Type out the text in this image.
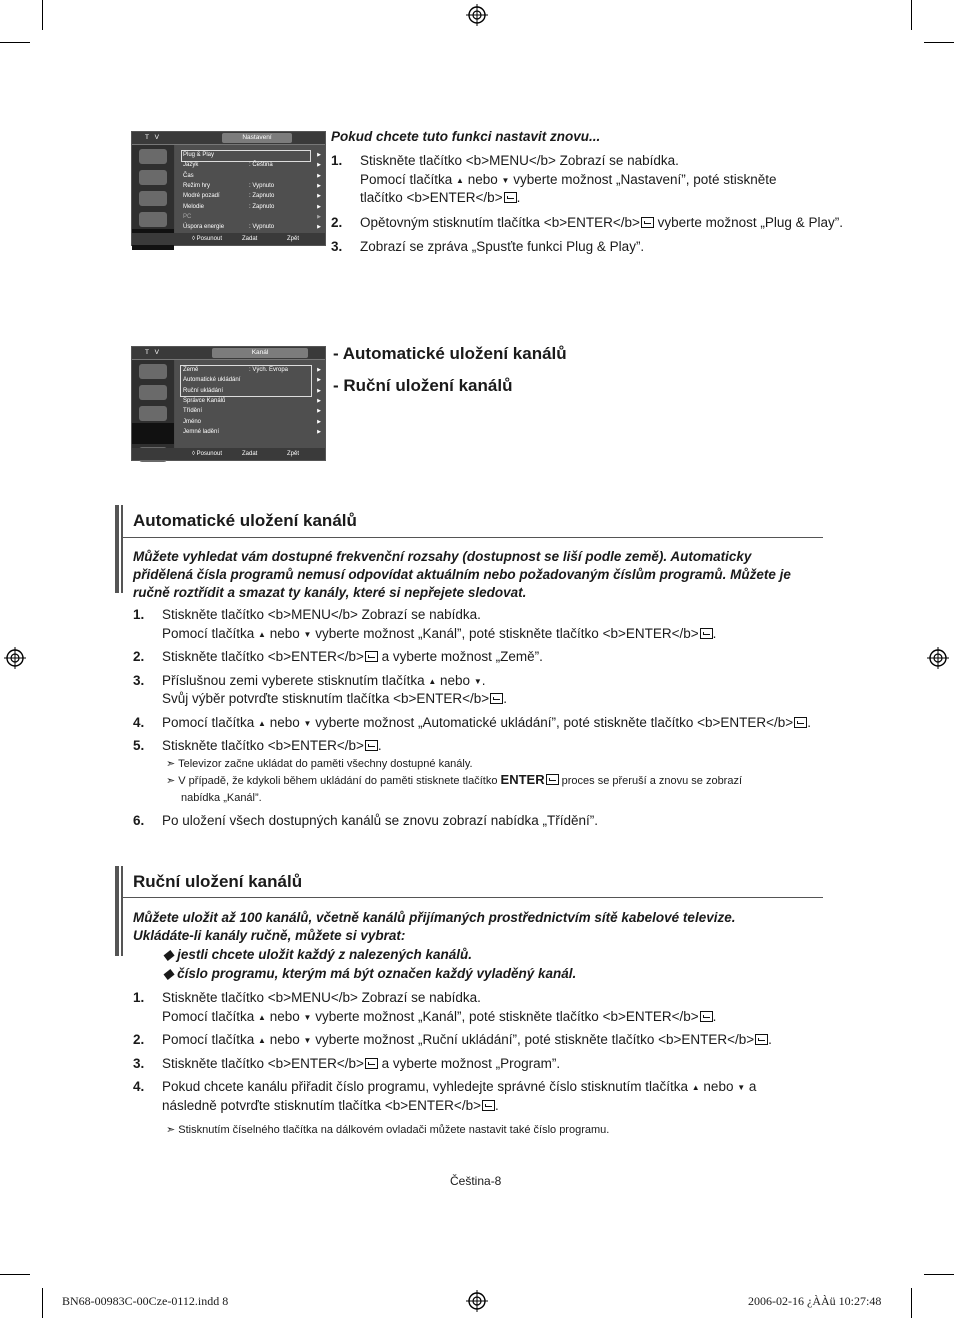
T V	Nastavení
Plug & Play	▶
Jazyk	: Čeština	▶
Čas	▶
Režim hry	: Vypnuto	▶
Modré pozadí	: Zapnuto	▶
Melodie	: Zapnuto	▶
PC	▶
Úspora energie	: Vypnuto	▶
◊ Posunout	Zadat	Zpět
T V	Kanál
Země	: Vých. Evropa	▶
Automatické ukládání	▶
Ruční ukládání	▶
Správce Kanálů	▶
Třídění	▶
Jméno	▶
Jemné ladění	▶
◊ Posunout	Zadat	Zpět
Pokud chcete tuto funkci nastavit znovu...
1. Stiskněte tlačítko <b>MENU</b> Zobrazí se nabídka.
Pomocí tlačítka ▲ nebo ▼ vyberte možnost „Nastavení”, poté stiskněte
tlačítko <b>ENTER</b> .
2. Opětovným stisknutím tlačítka <b>ENTER</b> vyberte možnost „Plug & Play”.
3. Zobrazí se zpráva „Spusťte funkci Plug & Play”.
- Automatické uložení kanálů
- Ruční uložení kanálů
Automatické uložení kanálů
Můžete vyhledat vám dostupné frekvenční rozsahy (dostupnost se liší podle země). Automaticky
přidělená čísla programů nemusí odpovídat aktuálním nebo požadovaným číslům programů. Můžete je
ručně roztřídit a smazat ty kanály, které si nepřejete sledovat.
1. Stiskněte tlačítko <b>MENU</b> Zobrazí se nabídka.
Pomocí tlačítka ▲ nebo ▼ vyberte možnost „Kanál”, poté stiskněte tlačítko <b>ENTER</b> .
2. Stiskněte tlačítko <b>ENTER</b> a vyberte možnost „Země”.
3. Příslušnou zemi vyberete stisknutím tlačítka ▲ nebo ▼.
Svůj výběr potvrďte stisknutím tlačítka <b>ENTER</b> .
4. Pomocí tlačítka ▲ nebo ▼ vyberte možnost „Automatické ukládání”, poté stiskněte tlačítko <b>ENTER</b> .
5. Stiskněte tlačítko <b>ENTER</b> .
➣ Televizor začne ukládat do paměti všechny dostupné kanály.
➣ V případě, že kdykoli během ukládání do paměti stisknete tlačítko ENTER proces se přeruší a znovu se zobrazí
nabídka „Kanál”.
6. Po uložení všech dostupných kanálů se znovu zobrazí nabídka „Třídění”.
Ruční uložení kanálů
Můžete uložit až 100 kanálů, včetně kanálů přijímaných prostřednictvím sítě kabelové televize.
Ukládáte-li kanály ručně, můžete si vybrat:
◆ jestli chcete uložit každý z nalezených kanálů.
◆ číslo programu, kterým má být označen každý vyladěný kanál.
1. Stiskněte tlačítko <b>MENU</b> Zobrazí se nabídka.
Pomocí tlačítka ▲ nebo ▼ vyberte možnost „Kanál”, poté stiskněte tlačítko <b>ENTER</b> .
2. Pomocí tlačítka ▲ nebo ▼ vyberte možnost „Ruční ukládání”, poté stiskněte tlačítko <b>ENTER</b> .
3. Stiskněte tlačítko <b>ENTER</b> a vyberte možnost „Program”.
4. Pokud chcete kanálu přiřadit číslo programu, vyhledejte správné číslo stisknutím tlačítka ▲ nebo ▼ a
následně potvrďte stisknutím tlačítka <b>ENTER</b> .
➣ Stisknutím číselného tlačítka na dálkovém ovladači můžete nastavit také číslo programu.
Čeština-8
BN68-00983C-00Cze-0112.indd 8	2006-02-16 ¿ÀÀü 10:27:48
